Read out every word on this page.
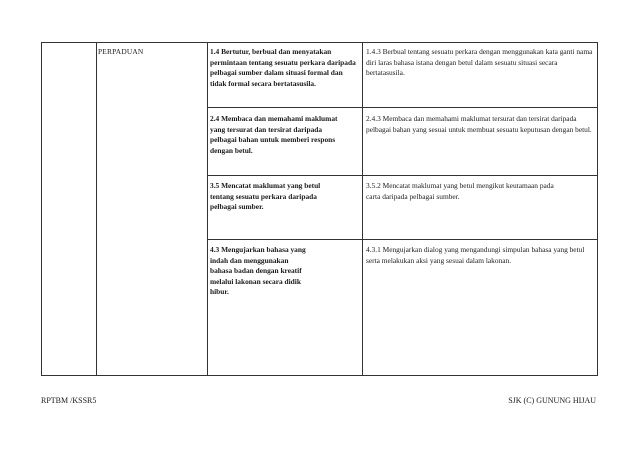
PERPADUAN	1.4 Bertutur, berbual dan menyatakan permintaan tentang sesuatu perkara daripada pelbagai sumber dalam situasi formal dan tidak formal secara bertatasusila.
1.4.3 Berbual tentang sesuatu perkara dengan menggunakan kata ganti nama diri laras bahasa istana dengan betul dalam sesuatu situasi secara bertatasusila.
2.4 Membaca dan memahami maklumat yang tersurat dan tersirat daripada pelbagai bahan untuk memberi respons dengan betul.
2.4.3 Membaca dan memahami maklumat tersurat dan tersirat daripada pelbagai bahan yang sesuai untuk membuat sesuatu keputusan dengan betul.
3.5 Mencatat maklumat yang betul tentang sesuatu perkara daripada pelbagai sumber.
3.5.2 Mencatat maklumat yang betul mengikut keutamaan pada carta daripada pelbagai sumber.
4.3 Mengujarkan bahasa yang indah dan menggunakan bahasa badan dengan kreatif melalui lakonan secara didik hibur.
4.3.1 Mengujarkan dialog yang mengandungi simpulan bahasa yang betul serta melakukan aksi yang sesuai dalam lakonan.
RPTBM /KSSR5	SJK (C) GUNUNG HIJAU
